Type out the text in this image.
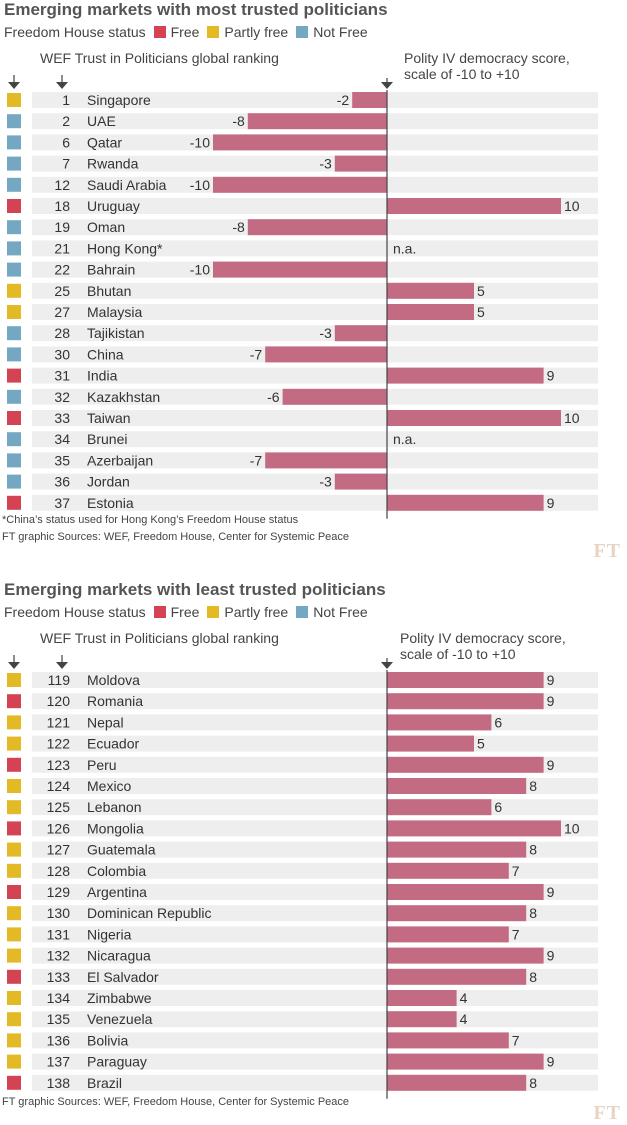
Emerging markets with most trusted politicians
Freedom House status Free Partly free Not Free
WEF Trust in Politicians global ranking	Polity IV democracy score,
scale of -10 to +10
1 Singapore	-2
2 UAE	-8
6 Qatar	-10
7 Rwanda	-3
12 Saudi Arabia -10
18 Uruguay	10
19 Oman	-8
21 Hong Kong*	n.a.
22 Bahrain	-10
25 Bhutan	5
27 Malaysia	5
28 Tajikistan	-3
30 China	-7
31 India	9
32 Kazakhstan	-6
33 Taiwan	10
34 Brunei	n.a.
35 Azerbaijan	-7
36 Jordan	-3
37 Estonia	9
*China’s status used for Hong Kong’s Freedom House status
FT graphic Sources: WEF, Freedom House, Center for Systemic Peace
FT
Emerging markets with least trusted politicians
Freedom House status Free Partly free Not Free
WEF Trust in Politicians global ranking	Polity IV democracy score,
scale of -10 to +10
119 Moldova	9
120 Romania	9
121 Nepal	6
122 Ecuador	5
123 Peru	9
124 Mexico	8
125 Lebanon	6
126 Mongolia	10
127 Guatemala	8
128 Colombia	7
129 Argentina	9
130 Dominican Republic	8
131 Nigeria	7
132 Nicaragua	9
133 El Salvador	8
134 Zimbabwe	4
135 Venezuela	4
136 Bolivia	7
137 Paraguay	9
138 Brazil	8
FT graphic Sources: WEF, Freedom House, Center for Systemic Peace	FT
